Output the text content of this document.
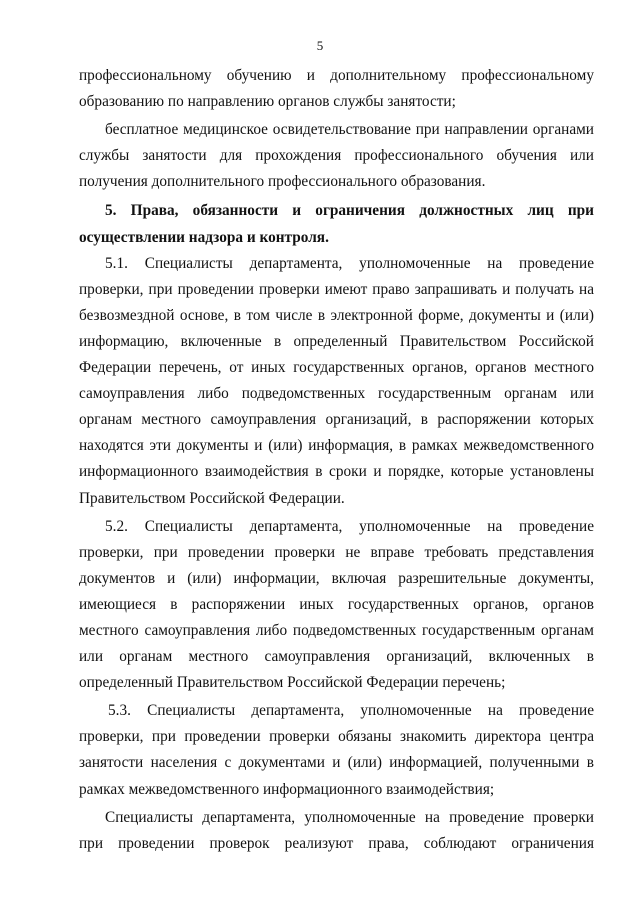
5

профессиональному обучению и дополнительному профессиональному образованию по направлению органов службы занятости;

бесплатное медицинское освидетельствование при направлении органами службы занятости для прохождения профессионального обучения или получения дополнительного профессионального образования.

5. Права, обязанности и ограничения должностных лиц при осуществлении надзора и контроля.

5.1. Специалисты департамента, уполномоченные на проведение проверки, при проведении проверки имеют право запрашивать и получать на безвозмездной основе, в том числе в электронной форме, документы и (или) информацию, включенные в определенный Правительством Российской Федерации перечень, от иных государственных органов, органов местного самоуправления либо подведомственных государственным органам или органам местного самоуправления организаций, в распоряжении которых находятся эти документы и (или) информация, в рамках межведомственного информационного взаимодействия в сроки и порядке, которые установлены Правительством Российской Федерации.

5.2. Специалисты департамента, уполномоченные на проведение проверки, при проведении проверки не вправе требовать представления документов и (или) информации, включая разрешительные документы, имеющиеся в распоряжении иных государственных органов, органов местного самоуправления либо подведомственных государственным органам или органам местного самоуправления организаций, включенных в определенный Правительством Российской Федерации перечень;

5.3. Специалисты департамента, уполномоченные на проведение проверки, при проведении проверки обязаны знакомить директора центра занятости населения с документами и (или) информацией, полученными в рамках межведомственного информационного взаимодействия;

Специалисты департамента, уполномоченные на проведение проверки при проведении проверок реализуют права, соблюдают ограничения
